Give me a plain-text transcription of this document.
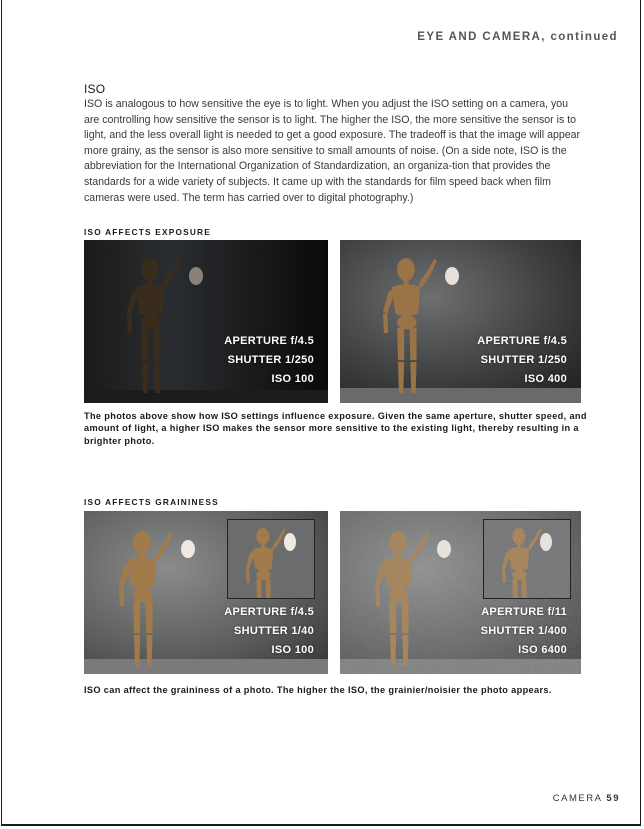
EYE AND CAMERA, continued
ISO

ISO is analogous to how sensitive the eye is to light. When you adjust the ISO setting on a camera, you are controlling how sensitive the sensor is to light. The higher the ISO, the more sensitive the sensor is to light, and the less overall light is needed to get a good exposure. The tradeoff is that the image will appear more grainy, as the sensor is also more sensitive to small amounts of noise. (On a side note, ISO is the abbreviation for the International Organization of Standardization, an organiza-tion that provides the standards for a wide variety of subjects. It came up with the standards for film speed back when film cameras were used. The term has carried over to digital photography.)

ISO AFFECTS EXPOSURE
APERTURE f/4.5
SHUTTER 1/250
ISO 100
APERTURE f/4.5
SHUTTER 1/250
ISO 400

The photos above show how ISO settings influence exposure. Given the same aperture, shutter speed, and amount of light, a higher ISO makes the sensor more sensitive to the existing light, thereby resulting in a brighter photo.

ISO AFFECTS GRAININESS
APERTURE f/4.5
SHUTTER 1/40
ISO 100
APERTURE f/11
SHUTTER 1/400
ISO 6400

ISO can affect the graininess of a photo. The higher the ISO, the grainier/noisier the photo appears.

CAMERA 59
